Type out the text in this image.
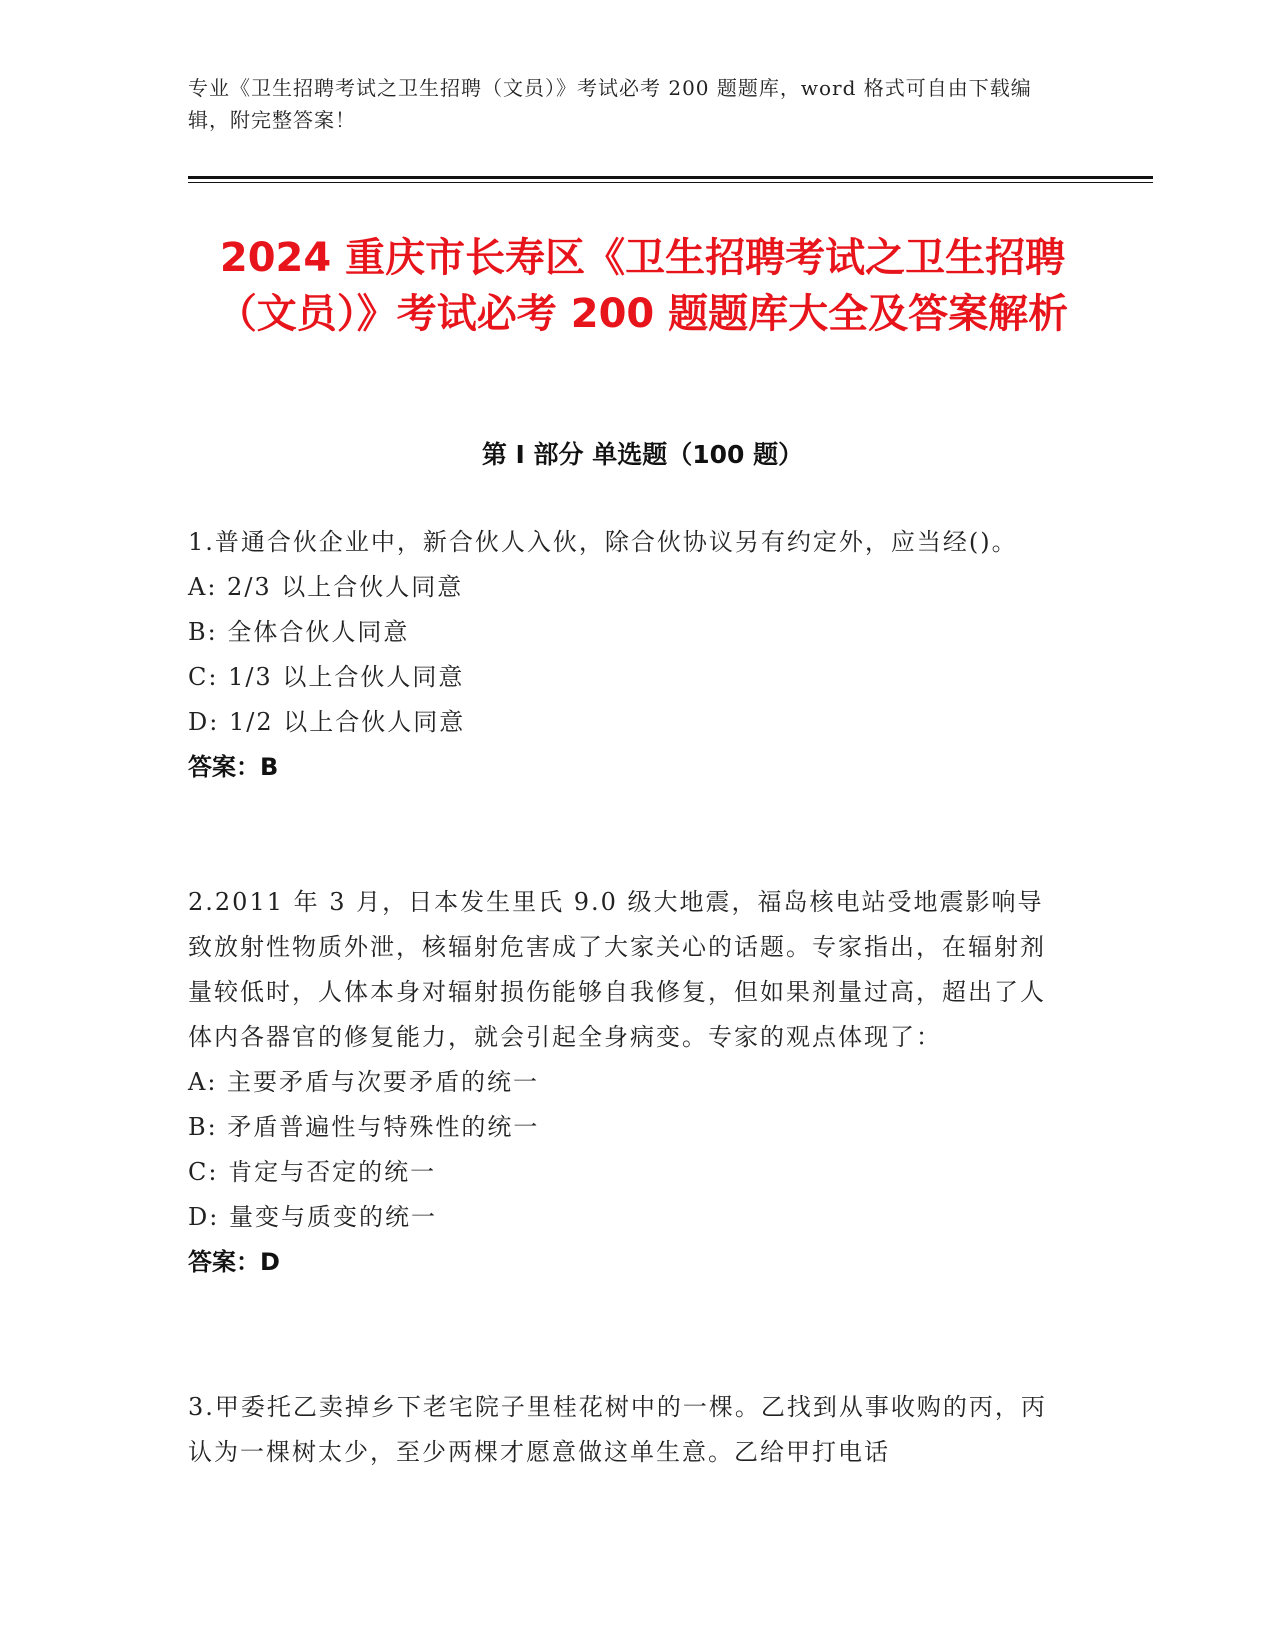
专业《卫生招聘考试之卫生招聘（文员）》考试必考 200 题题库，word 格式可自由下载编辑，附完整答案！
2024 重庆市长寿区《卫生招聘考试之卫生招聘（文员）》考试必考 200 题题库大全及答案解析
第 I 部分 单选题（100 题）

1.普通合伙企业中，新合伙人入伙，除合伙协议另有约定外，应当经()。

A: 2/3 以上合伙人同意

B: 全体合伙人同意

C: 1/3 以上合伙人同意

D: 1/2 以上合伙人同意

答案：B

2.2011 年 3 月，日本发生里氏 9.0 级大地震，福岛核电站受地震影响导致放射性物质外泄，核辐射危害成了大家关心的话题。专家指出，在辐射剂量较低时，人体本身对辐射损伤能够自我修复，但如果剂量过高，超出了人体内各器官的修复能力，就会引起全身病变。专家的观点体现了：

A: 主要矛盾与次要矛盾的统一

B: 矛盾普遍性与特殊性的统一

C: 肯定与否定的统一

D: 量变与质变的统一

答案：D

3.甲委托乙卖掉乡下老宅院子里桂花树中的一棵。乙找到从事收购的丙，丙认为一棵树太少，至少两棵才愿意做这单生意。乙给甲打电话
